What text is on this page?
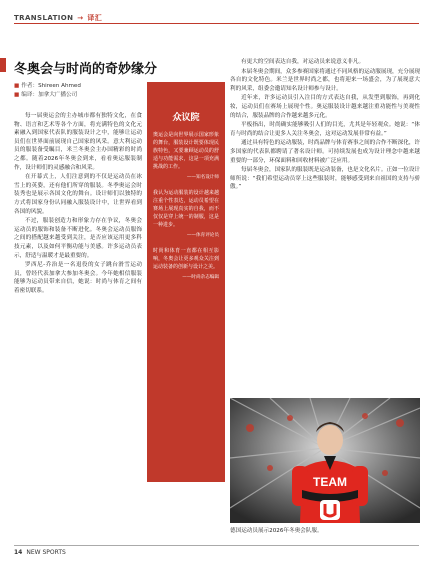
TRANSLATION → 译汇
冬奥会与时尚的奇妙缘分
■ 作者：Shireen Ahmed
■ 编译：加拿大广播公司

每一届奥运会的主办城市都有独特文化，在食物、语言和艺术等各个方面，将充满特色的文化元素融入到国家代表队的服装设计之中，能够让运动员们在世界面前展现自己国家的风采。意大利运动员的服装备受瞩目，米兰冬奥会主办国精彩的时尚之都。随着2026年冬奥会到来，看看奥运服装制作，设计师们的灵感融合和风采。

在开幕式上，人们注意到的不仅是运动员在冰雪上的英姿，还有他们所穿的服装。冬季奥运会时装秀也是展示各国文化的舞台。设计师们以独特的方式将国家身份认同融入服装设计中，让世界看到各国的风貌。

不过，服装创造力和形象力存在争议，冬奥会运动员的服饰和装备不断进化。冬奥会运动员服饰之间的搭配越来越受到关注，是否应该运用更多科技元素，以及如何平衡功能与美感。许多运动员表示，舒适与温暖才是最重要的。

罗西尼-乔治是一名退役的女子跳台滑雪运动员，曾经代表加拿大参加冬奥会。今年她相信服装能够为运动员带来自信，她说：时尚与体育之间有着密切联系。

众议院
奥运会是向世界展示国家形象的舞台，服装设计既要体现民族特色，又要兼顾运动员的舒适与功能需求，这是一项充满挑战的工作。
——知名设计师
我认为运动服装的设计越来越注重个性表达，运动员希望在赛场上展现真实的自我，而不仅仅是穿上统一的制服，这是一种进步。
——体育评论员
时尚和体育一直都在相互影响，冬奥会让更多观众关注到运动装备的创新与设计之美。
——时尚杂志编辑

有更大的空间表达自我，对运动员来说意义非凡。

本届冬奥会期间，众多参赛国家将通过不同风格的运动服展现，充分展现各自的文化特色。米兰是世界时尚之都，也将迎来一场盛会，为了展现意大利的风采，组委会邀请知名设计师参与设计。

近年来，许多运动员引入注目的方式表达自我，从发型到服饰，再到化妆，运动员们在赛场上展现个性。奥运服装设计越来越注重功能性与美观性的结合，服装品牌的合作越来越多元化。

平板指出，时尚确实能够吸引人们的目光，尤其是年轻观众。她说：“体育与时尚的结合让更多人关注冬奥会，这对运动发展非常有益。”

通过具有特色的运动服装，时尚品牌与体育赛事之间的合作不断深化，许多国家的代表队都聘请了著名设计师。可持续发展也成为设计理念中越来越重要的一部分，环保面料和回收材料被广泛应用。

每届冬奥会，国家队的服装既是运动装备，也是文化名片。正如一位设计师所说：“我们希望运动员穿上这些服装时，能够感受到来自祖国的支持与骄傲。”

TEAM
德国运动员展示2026年冬奥会队服。
14 NEW SPORTS
